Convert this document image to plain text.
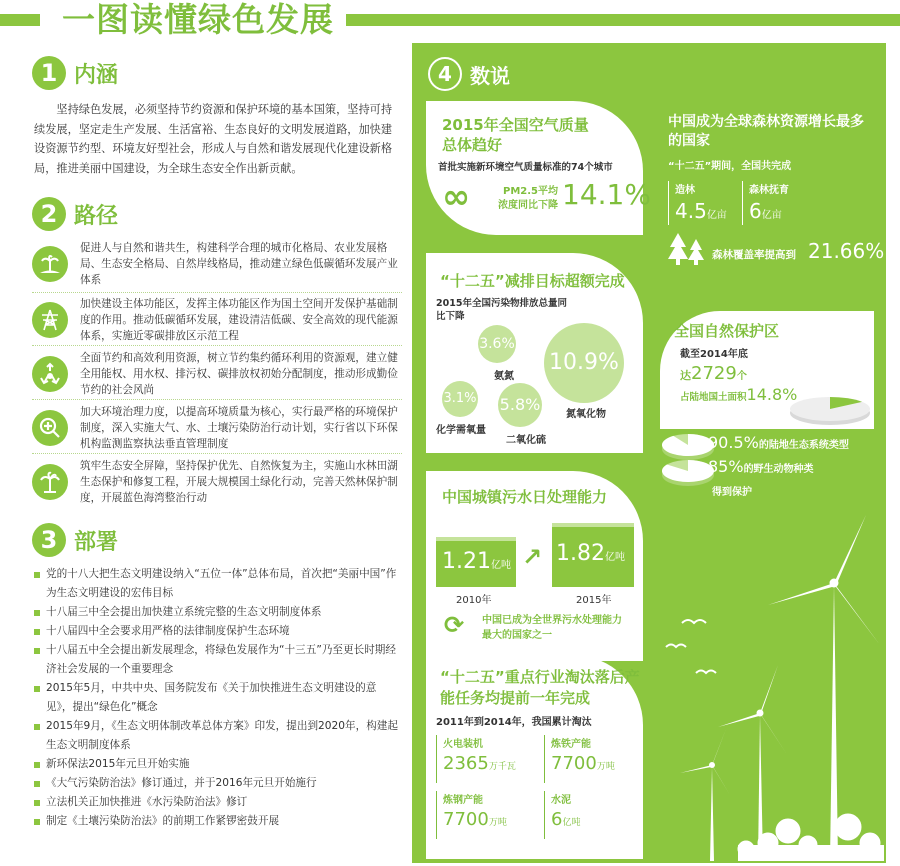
一图读懂绿色发展
1 内涵
坚持绿色发展，必须坚持节约资源和保护环境的基本国策，坚持可持续发展，坚定走生产发展、生活富裕、生态良好的文明发展道路，加快建设资源节约型、环境友好型社会，形成人与自然和谐发展现代化建设新格局，推进美丽中国建设，为全球生态安全作出新贡献。
2 路径
促进人与自然和谐共生，构建科学合理的城市化格局、农业发展格局、生态安全格局、自然岸线格局，推动建立绿色低碳循环发展产业体系
加快建设主体功能区，发挥主体功能区作为国土空间开发保护基础制度的作用。推动低碳循环发展，建设清洁低碳、安全高效的现代能源体系，实施近零碳排放区示范工程
全面节约和高效利用资源，树立节约集约循环利用的资源观，建立健全用能权、用水权、排污权、碳排放权初始分配制度，推动形成勤俭节约的社会风尚
加大环境治理力度，以提高环境质量为核心，实行最严格的环境保护制度，深入实施大气、水、土壤污染防治行动计划，实行省以下环保机构监测监察执法垂直管理制度
筑牢生态安全屏障，坚持保护优先、自然恢复为主，实施山水林田湖生态保护和修复工程，开展大规模国土绿化行动，完善天然林保护制度，开展蓝色海湾整治行动
3 部署
党的十八大把生态文明建设纳入“五位一体”总体布局，首次把“美丽中国”作为生态文明建设的宏伟目标
十八届三中全会提出加快建立系统完整的生态文明制度体系
十八届四中全会要求用严格的法律制度保护生态环境
十八届五中全会提出新发展理念，将绿色发展作为“十三五”乃至更长时期经济社会发展的一个重要理念
2015年5月，中共中央、国务院发布《关于加快推进生态文明建设的意见》，提出“绿色化”概念
2015年9月，《生态文明体制改革总体方案》印发，提出到2020年，构建起生态文明制度体系
新环保法2015年元旦开始实施
《大气污染防治法》修订通过，并于2016年元旦开始施行
立法机关正加快推进《水污染防治法》修订
制定《土壤污染防治法》的前期工作紧锣密鼓开展
4 数说
2015年全国空气质量总体趋好
首批实施新环境空气质量标准的74个城市
∞	PM2.5平均浓度同比下降 14.1%
中国成为全球森林资源增长最多的国家
“十二五”期间，全国共完成
造林
4.5亿亩
森林抚育
6亿亩
森林覆盖率提高到 21.66%
“十二五”减排目标超额完成
2015年全国污染物排放总量同比下降
3.6%
氨氮
10.9%
氮氧化物
3.1%
化学需氧量
5.8%
二氧化硫
全国自然保护区
截至2014年底
达2729个
占陆地国土面积14.8%
90.5%的陆地生态系统类型
85%的野生动物种类
得到保护
中国城镇污水日处理能力
1.21亿吨 ↗ 1.82亿吨
2010年	2015年
⟳ 中国已成为全世界污水处理能力最大的国家之一
“十二五”重点行业淘汰落后产能任务均提前一年完成
2011年到2014年，我国累计淘汰
火电装机
2365万千瓦
炼铁产能
7700万吨
炼钢产能
7700万吨
水泥
6亿吨
